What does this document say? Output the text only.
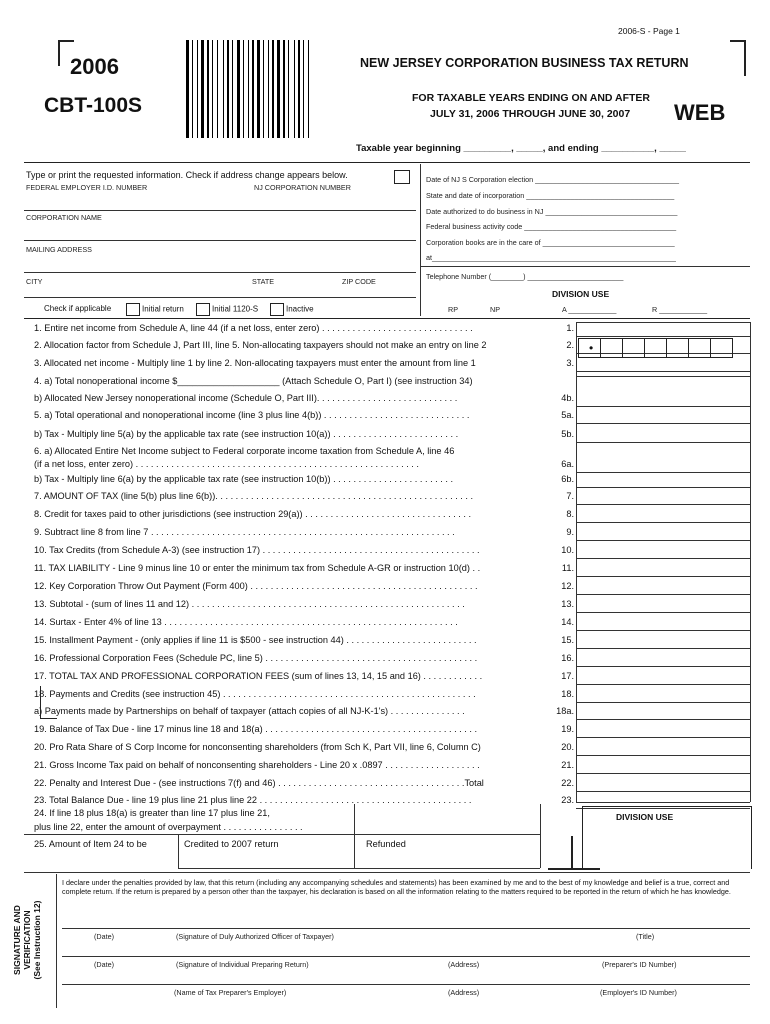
2006-S - Page 1
2006
CBT-100S
NEW JERSEY CORPORATION BUSINESS TAX RETURN
FOR TAXABLE YEARS ENDING ON AND AFTER
JULY 31, 2006 THROUGH JUNE 30, 2007 WEB
Taxable year beginning _________, _____, and ending __________, _____
Type or print the requested information. Check if address change appears below.
FEDERAL EMPLOYER I.D. NUMBER	NJ CORPORATION NUMBER
CORPORATION NAME
MAILING ADDRESS
CITY	STATE	ZIP CODE
Check if applicable	Initial return	Initial 1120-S	Inactive
Date of NJ S Corporation election ____________________________________
State and date of incorporation _____________________________________
Date authorized to do business in NJ _________________________________
Federal business activity code ______________________________________
Corporation books are in the care of _________________________________
at_____________________________________________________________
Telephone Number (________) ________________________
DIVISION USE
RP	NP	A ____________	R ____________
1. Entire net income from Schedule A, line 44 (if a net loss, enter zero) . . . . . . . . . . . . . . . . . . . . . . . . . . . . . .	1.
2. Allocation factor from Schedule J, Part III, line 5. Non-allocating taxpayers should not make an entry on line 2	2.
3. Allocated net income - Multiply line 1 by line 2. Non-allocating taxpayers must enter the amount from line 1	3.
4. a) Total nonoperational income $____________________ (Attach Schedule O, Part I) (see instruction 34)
b) Allocated New Jersey nonoperational income (Schedule O, Part III). . . . . . . . . . . . . . . . . . . . . . . . . . . .	4b.
5. a) Total operational and nonoperational income (line 3 plus line 4(b)) . . . . . . . . . . . . . . . . . . . . . . . . . . . . .	5a.
b) Tax - Multiply line 5(a) by the applicable tax rate (see instruction 10(a)) . . . . . . . . . . . . . . . . . . . . . . . . .	5b.
6. a) Allocated Entire Net Income subject to Federal corporate income taxation from Schedule A, line 46
(if a net loss, enter zero) . . . . . . . . . . . . . . . . . . . . . . . . . . . . . . . . . . . . . . . . . . . . . . . . . . . . . . . .	6a.
b) Tax - Multiply line 6(a) by the applicable tax rate (see instruction 10(b)) . . . . . . . . . . . . . . . . . . . . . . . .	6b.
7. AMOUNT OF TAX (line 5(b) plus line 6(b)). . . . . . . . . . . . . . . . . . . . . . . . . . . . . . . . . . . . . . . . . . . . . . . . . . .	7.
8. Credit for taxes paid to other jurisdictions (see instruction 29(a)) . . . . . . . . . . . . . . . . . . . . . . . . . . . . . . . . .	8.
9. Subtract line 8 from line 7 . . . . . . . . . . . . . . . . . . . . . . . . . . . . . . . . . . . . . . . . . . . . . . . . . . . . . . . . . . . .	9.
10. Tax Credits (from Schedule A-3) (see instruction 17) . . . . . . . . . . . . . . . . . . . . . . . . . . . . . . . . . . . . . . . . . . .	10.
11. TAX LIABILITY - Line 9 minus line 10 or enter the minimum tax from Schedule A-GR or instruction 10(d) . .	11.
12. Key Corporation Throw Out Payment (Form 400) . . . . . . . . . . . . . . . . . . . . . . . . . . . . . . . . . . . . . . . . . . . . .	12.
13. Subtotal - (sum of lines 11 and 12) . . . . . . . . . . . . . . . . . . . . . . . . . . . . . . . . . . . . . . . . . . . . . . . . . . . . . .	13.
14. Surtax - Enter 4% of line 13 . . . . . . . . . . . . . . . . . . . . . . . . . . . . . . . . . . . . . . . . . . . . . . . . . . . . . . . . . .	14.
15. Installment Payment - (only applies if line 11 is $500 - see instruction 44) . . . . . . . . . . . . . . . . . . . . . . . . . .	15.
16. Professional Corporation Fees (Schedule PC, line 5) . . . . . . . . . . . . . . . . . . . . . . . . . . . . . . . . . . . . . . . . . .	16.
17. TOTAL TAX AND PROFESSIONAL CORPORATION FEES (sum of lines 13, 14, 15 and 16) . . . . . . . . . . . .	17.
18. Payments and Credits (see instruction 45) . . . . . . . . . . . . . . . . . . . . . . . . . . . . . . . . . . . . . . . . . . . . . . . . . .	18.
a) Payments made by Partnerships on behalf of taxpayer (attach copies of all NJ-K-1's) . . . . . . . . . . . . . . .	18a.
19. Balance of Tax Due - line 17 minus line 18 and 18(a) . . . . . . . . . . . . . . . . . . . . . . . . . . . . . . . . . . . . . . . . . .	19.
20. Pro Rata Share of S Corp Income for nonconsenting shareholders (from Sch K, Part VII, line 6, Column C)	20.
21. Gross Income Tax paid on behalf of nonconsenting shareholders - Line 20 x .0897 . . . . . . . . . . . . . . . . . . .	21.
22. Penalty and Interest Due - (see instructions 7(f) and 46) . . . . . . . . . . . . . . . . . . . . . . . . . . . . . . . . . . . . .Total	22.
23. Total Balance Due - line 19 plus line 21 plus line 22 . . . . . . . . . . . . . . . . . . . . . . . . . . . . . . . . . . . . . . . . . .	23.
•
24. If line 18 plus 18(a) is greater than line 17 plus line 21,
plus line 22, enter the amount of overpayment . . . . . . . . . . . . . . . .
DIVISION USE
25. Amount of Item 24 to be	Credited to 2007 return	Refunded
SIGNATURE AND VERIFICATION (See Instruction 12)
I declare under the penalties provided by law, that this return (including any accompanying schedules and statements) has been examined by me and to the best of my knowledge and belief is a true, correct and complete return. If the return is prepared by a person other than the taxpayer, his declaration is based on all the information relating to the matters required to be reported in the return of which he has knowledge.
(Date)	(Signature of Duly Authorized Officer of Taxpayer)	(Title)
(Date)	(Signature of Individual Preparing Return)	(Address)	(Preparer's ID Number)
(Name of Tax Preparer's Employer)	(Address)	(Employer's ID Number)
